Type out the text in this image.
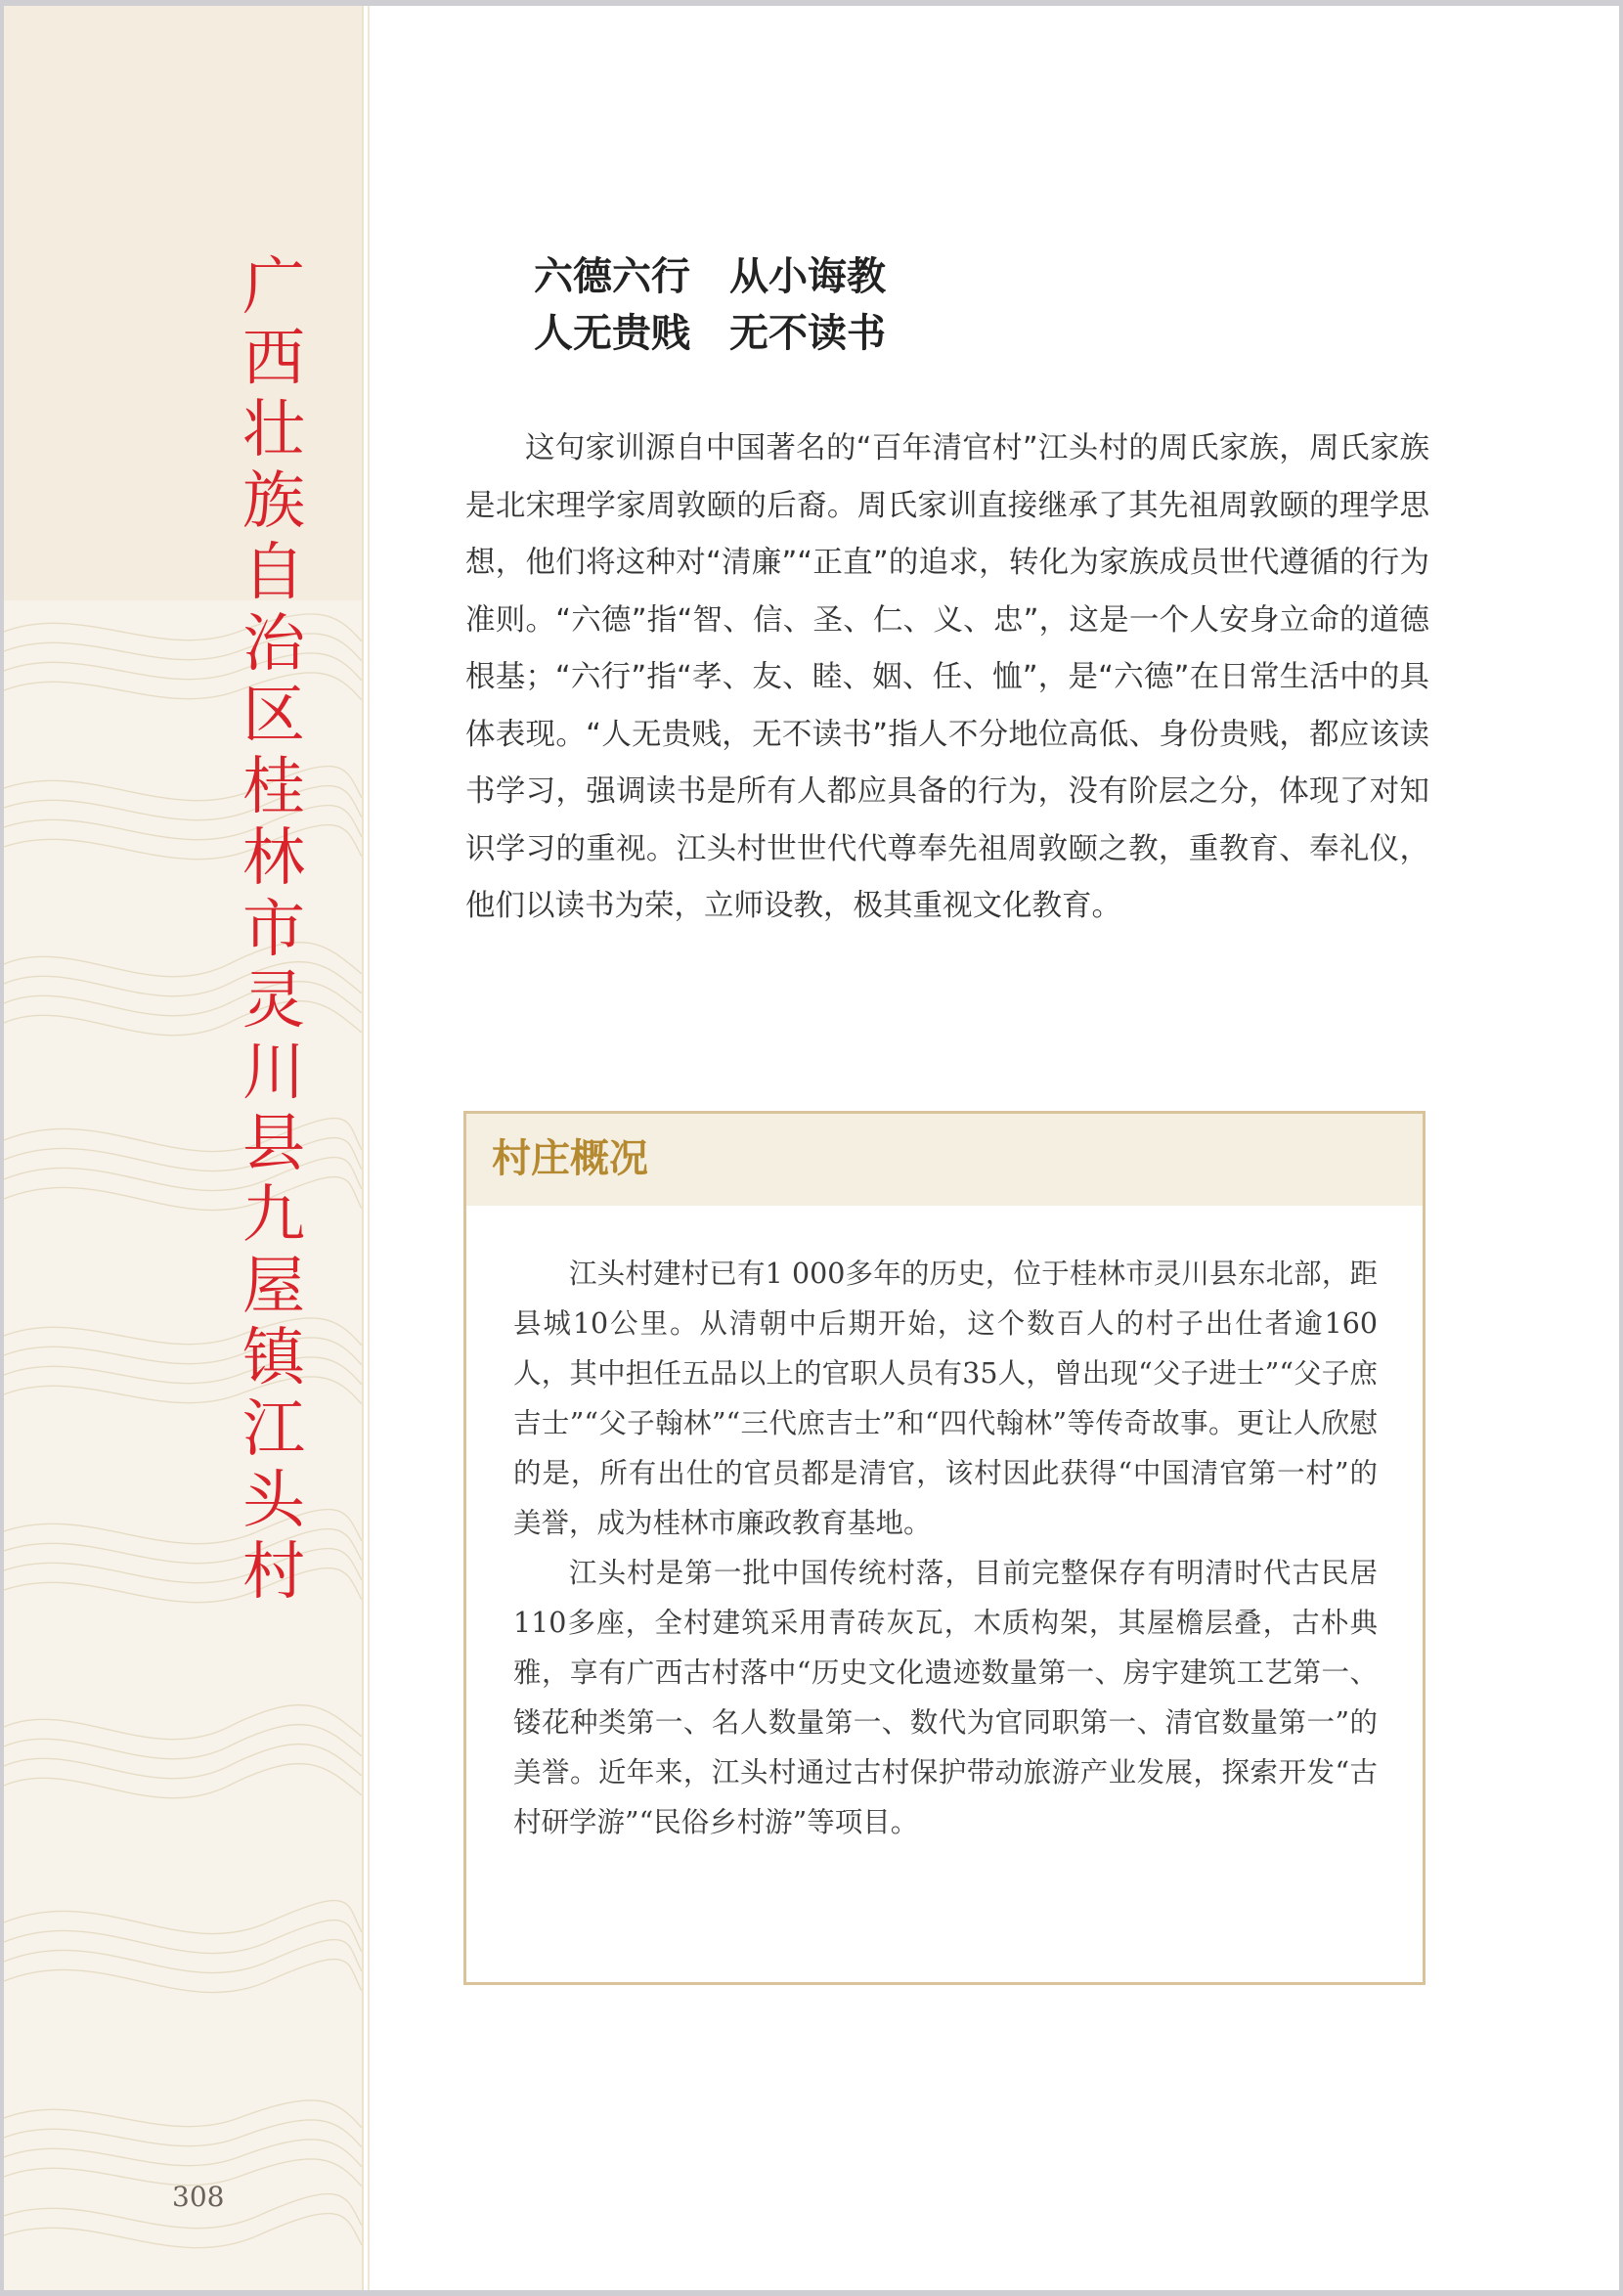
广
西
壮
族
自
治
区
桂
林
市
灵
川
县
九
屋
镇
江
头
村
308
六德六行　从小诲教
人无贵贱　无不读书

这句家训源自中国著名的“百年清官村”江头村的周氏家族，周氏家族是北宋理学家周敦颐的后裔。周氏家训直接继承了其先祖周敦颐的理学思想，他们将这种对“清廉”“正直”的追求，转化为家族成员世代遵循的行为准则。“六德”指“智、信、圣、仁、义、忠”，这是一个人安身立命的道德根基；“六行”指“孝、友、睦、姻、任、恤”，是“六德”在日常生活中的具体表现。“人无贵贱，无不读书”指人不分地位高低、身份贵贱，都应该读书学习，强调读书是所有人都应具备的行为，没有阶层之分，体现了对知识学习的重视。江头村世世代代尊奉先祖周敦颐之教，重教育、奉礼仪，他们以读书为荣，立师设教，极其重视文化教育。

村庄概况

江头村建村已有1 000多年的历史，位于桂林市灵川县东北部，距县城10公里。从清朝中后期开始，这个数百人的村子出仕者逾160人，其中担任五品以上的官职人员有35人，曾出现“父子进士”“父子庶吉士”“父子翰林”“三代庶吉士”和“四代翰林”等传奇故事。更让人欣慰的是，所有出仕的官员都是清官，该村因此获得“中国清官第一村”的美誉，成为桂林市廉政教育基地。

江头村是第一批中国传统村落，目前完整保存有明清时代古民居110多座，全村建筑采用青砖灰瓦，木质构架，其屋檐层叠，古朴典雅，享有广西古村落中“历史文化遗迹数量第一、房宇建筑工艺第一、镂花种类第一、名人数量第一、数代为官同职第一、清官数量第一”的美誉。近年来，江头村通过古村保护带动旅游产业发展，探索开发“古村研学游”“民俗乡村游”等项目。
